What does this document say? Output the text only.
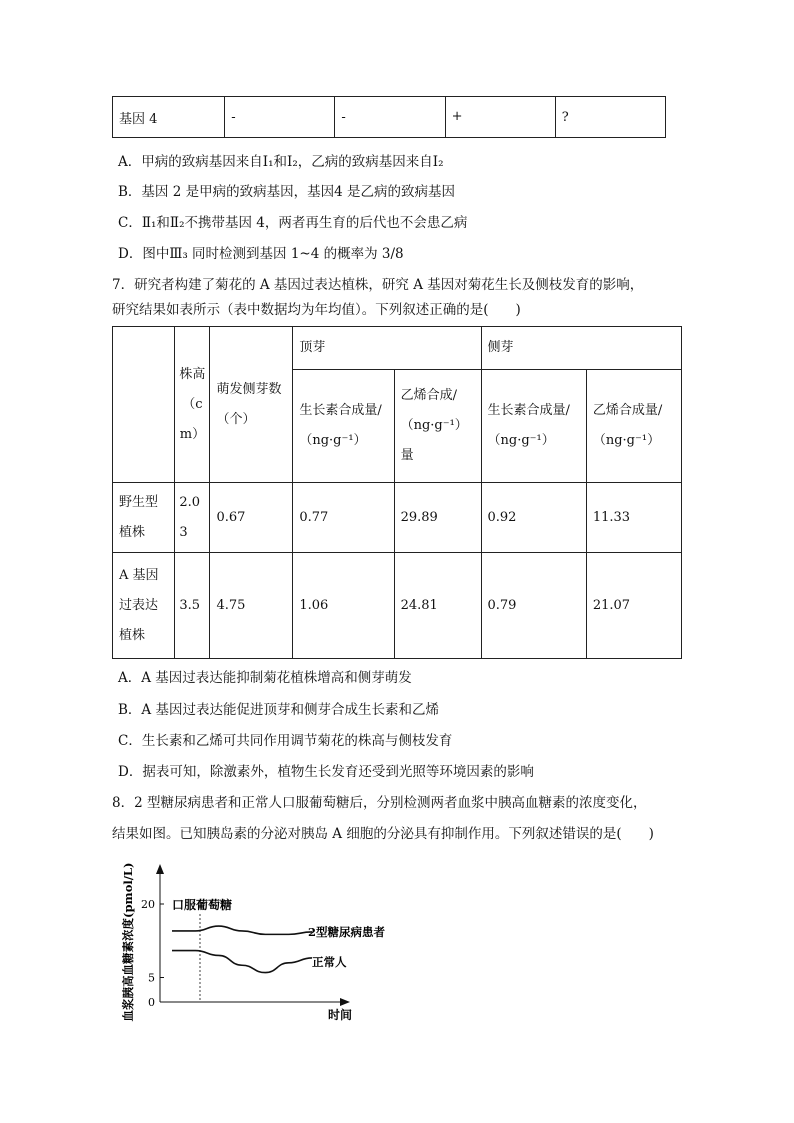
基因 4	-	-	+	?
A．甲病的致病基因来自Ⅰ₁和Ⅰ₂，乙病的致病基因来自Ⅰ₂
B．基因 2 是甲病的致病基因，基因4 是乙病的致病基因
C．Ⅱ₁和Ⅱ₂不携带基因 4，两者再生育的后代也不会患乙病
D．图中Ⅲ₃ 同时检测到基因 1~4 的概率为 3/8
7．研究者构建了菊花的 A 基因过表达植株，研究 A 基因对菊花生长及侧枝发育的影响，
研究结果如表所示（表中数据均为年均值）。下列叙述正确的是(　　)
	株高（cm）	萌发侧芽数（个）	顶芽		侧芽	
			生长素合成量/（ng·g⁻¹）	乙烯合成/（ng·g⁻¹）量	生长素合成量/（ng·g⁻¹）	乙烯合成量/（ng·g⁻¹）
野生型植株	2.03	0.67	0.77	29.89	0.92	11.33
A 基因过表达植株	3.5	4.75	1.06	24.81	0.79	21.07
A．A 基因过表达能抑制菊花植株增高和侧芽萌发
B．A 基因过表达能促进顶芽和侧芽合成生长素和乙烯
C．生长素和乙烯可共同作用调节菊花的株高与侧枝发育
D．据表可知，除激素外，植物生长发育还受到光照等环境因素的影响
8．2 型糖尿病患者和正常人口服葡萄糖后，分别检测两者血浆中胰高血糖素的浓度变化，
结果如图。已知胰岛素的分泌对胰岛 A 细胞的分泌具有抑制作用。下列叙述错误的是(　　)
血浆胰高血糖素浓度(pmol/L)	时间
20
5
0
口服葡萄糖
2型糖尿病患者
正常人
